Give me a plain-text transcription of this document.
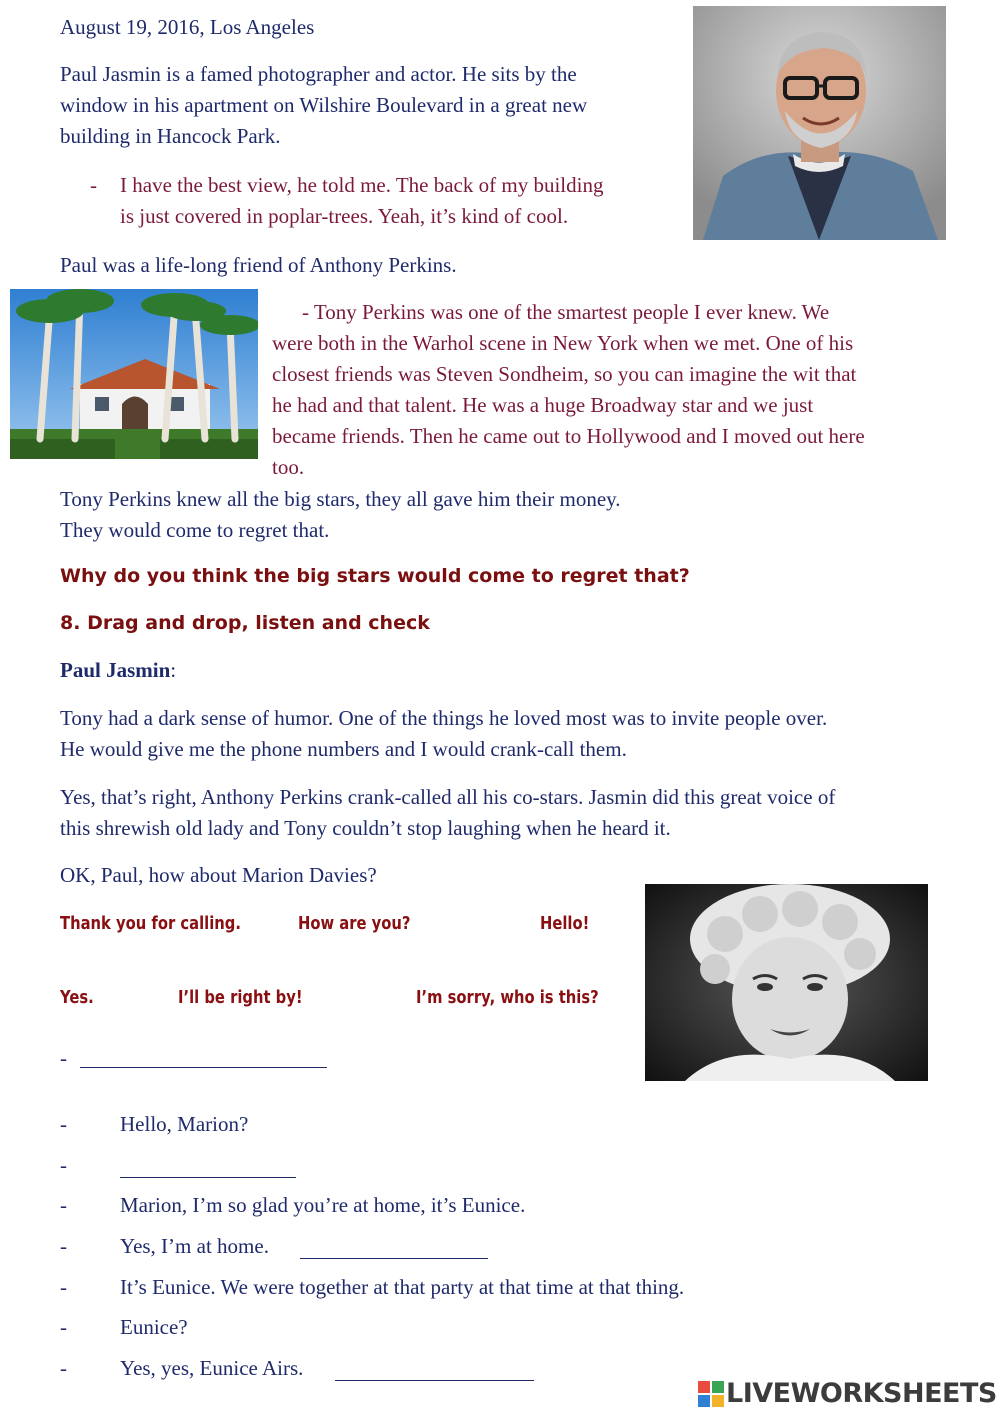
August 19, 2016, Los Angeles
Paul Jasmin is a famed photographer and actor. He sits by the
window in his apartment on Wilshire Boulevard in a great new
building in Hancock Park.
- I have the best view, he told me. The back of my building
is just covered in poplar-trees. Yeah, it’s kind of cool.
Paul was a life-long friend of Anthony Perkins.
- Tony Perkins was one of the smartest people I ever knew. We
were both in the Warhol scene in New York when we met. One of his
closest friends was Steven Sondheim, so you can imagine the wit that
he had and that talent. He was a huge Broadway star and we just
became friends. Then he came out to Hollywood and I moved out here
too.
Tony Perkins knew all the big stars, they all gave him their money.
They would come to regret that.
Why do you think the big stars would come to regret that?
8. Drag and drop, listen and check
Paul Jasmin:
Tony had a dark sense of humor. One of the things he loved most was to invite people over.
He would give me the phone numbers and I would crank-call them.
Yes, that’s right, Anthony Perkins crank-called all his co-stars. Jasmin did this great voice of
this shrewish old lady and Tony couldn’t stop laughing when he heard it.
OK, Paul, how about Marion Davies?
Thank you for calling.	How are you?	Hello!
Yes.	I’ll be right by!	I’m sorry, who is this?
-
-	Hello, Marion?
-
-	Marion, I’m so glad you’re at home, it’s Eunice.
-	Yes, I’m at home.
-	It’s Eunice. We were together at that party at that time at that thing.
-	Eunice?
-	Yes, yes, Eunice Airs.
LIVEWORKSHEETS
